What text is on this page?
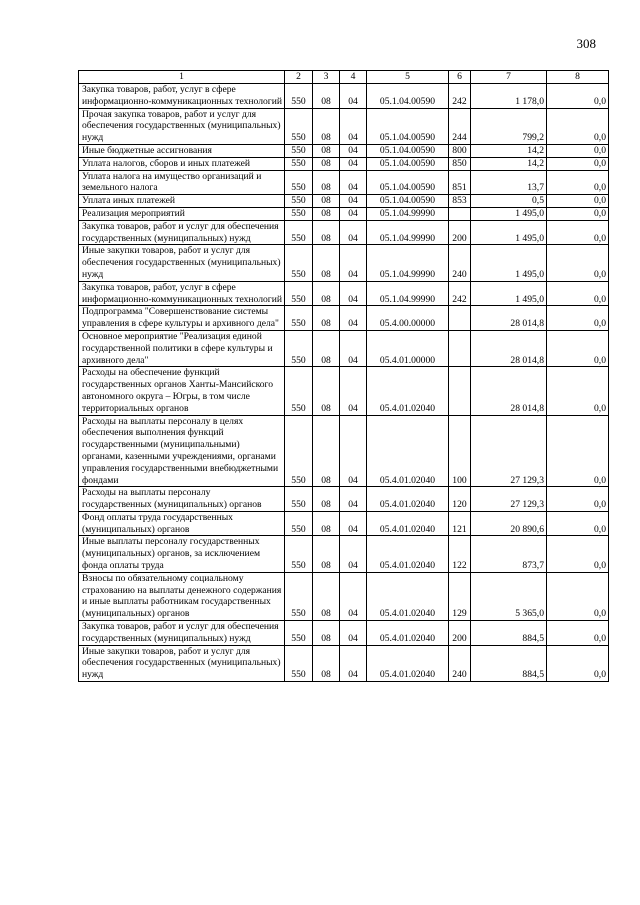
308
1	2	3	4	5	6	7	8
Закупка товаров, работ, услуг в сфере информационно-коммуникационных технологий	550	08	04	05.1.04.00590	242	1 178,0	0,0
Прочая закупка товаров, работ и услуг для обеспечения государственных (муниципальных) нужд	550	08	04	05.1.04.00590	244	799,2	0,0
Иные бюджетные ассигнования	550	08	04	05.1.04.00590	800	14,2	0,0
Уплата налогов, сборов и иных платежей	550	08	04	05.1.04.00590	850	14,2	0,0
Уплата налога на имущество организаций и земельного налога	550	08	04	05.1.04.00590	851	13,7	0,0
Уплата иных платежей	550	08	04	05.1.04.00590	853	0,5	0,0
Реализация мероприятий	550	08	04	05.1.04.99990		1 495,0	0,0
Закупка товаров, работ и услуг для обеспечения государственных (муниципальных) нужд	550	08	04	05.1.04.99990	200	1 495,0	0,0
Иные закупки товаров, работ и услуг для обеспечения государственных (муниципальных) нужд	550	08	04	05.1.04.99990	240	1 495,0	0,0
Закупка товаров, работ, услуг в сфере информационно-коммуникационных технологий	550	08	04	05.1.04.99990	242	1 495,0	0,0
Подпрограмма "Совершенствование системы управления в сфере культуры и архивного дела"	550	08	04	05.4.00.00000		28 014,8	0,0
Основное мероприятие "Реализация единой государственной политики в сфере культуры и архивного дела"	550	08	04	05.4.01.00000		28 014,8	0,0
Расходы на обеспечение функций государственных органов Ханты-Мансийского автономного округа – Югры, в том числе территориальных органов	550	08	04	05.4.01.02040		28 014,8	0,0
Расходы на выплаты персоналу в целях обеспечения выполнения функций государственными (муниципальными) органами, казенными учреждениями, органами управления государственными внебюджетными фондами	550	08	04	05.4.01.02040	100	27 129,3	0,0
Расходы на выплаты персоналу государственных (муниципальных) органов	550	08	04	05.4.01.02040	120	27 129,3	0,0
Фонд оплаты труда государственных (муниципальных) органов	550	08	04	05.4.01.02040	121	20 890,6	0,0
Иные выплаты персоналу государственных (муниципальных) органов, за исключением фонда оплаты труда	550	08	04	05.4.01.02040	122	873,7	0,0
Взносы по обязательному социальному страхованию на выплаты денежного содержания и иные выплаты работникам государственных (муниципальных) органов	550	08	04	05.4.01.02040	129	5 365,0	0,0
Закупка товаров, работ и услуг для обеспечения государственных (муниципальных) нужд	550	08	04	05.4.01.02040	200	884,5	0,0
Иные закупки товаров, работ и услуг для обеспечения государственных (муниципальных) нужд	550	08	04	05.4.01.02040	240	884,5	0,0
